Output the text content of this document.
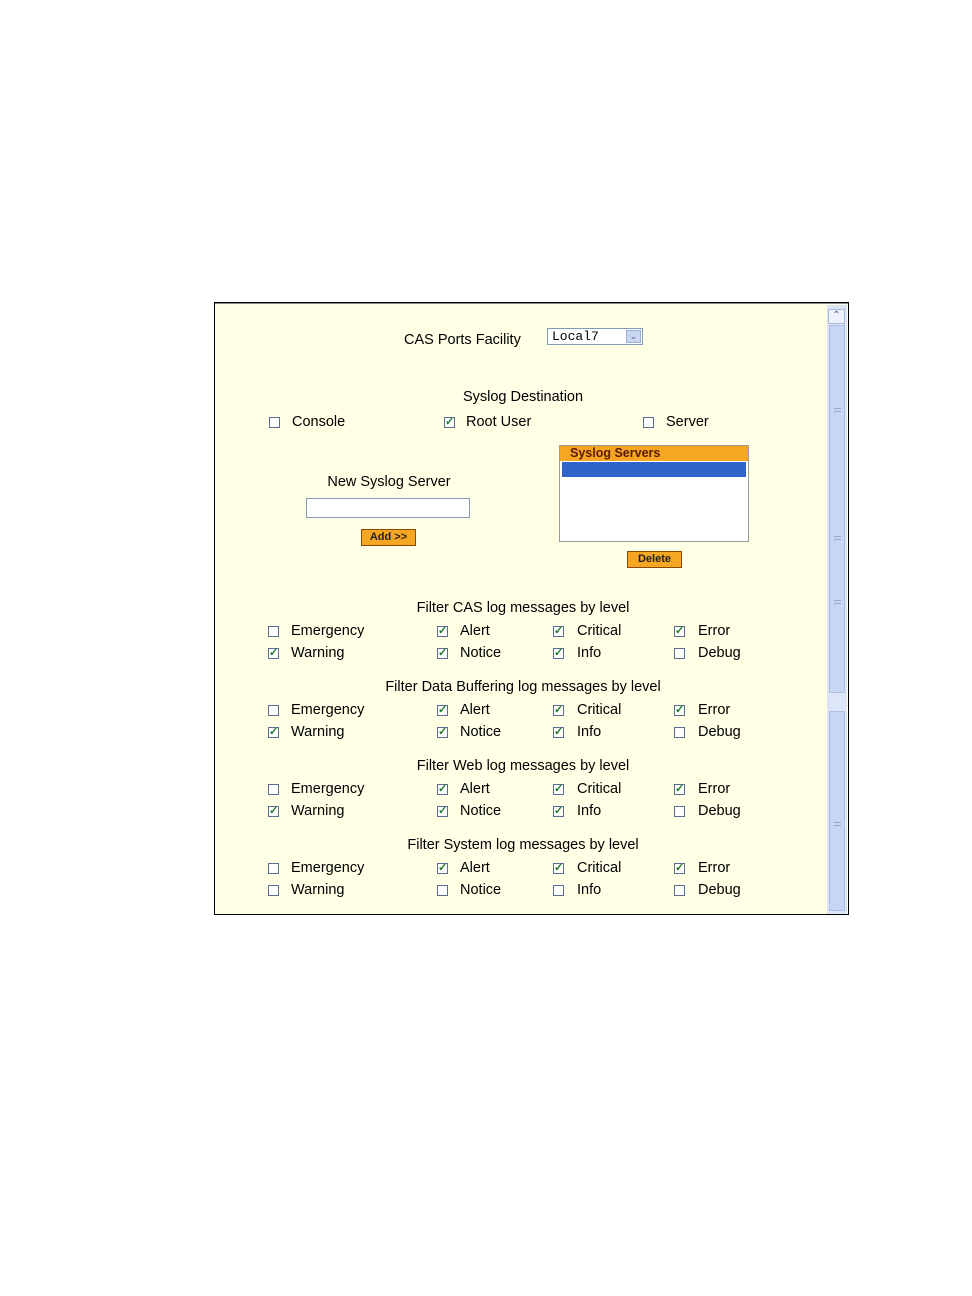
CAS Ports Facility Local7	⌄
Syslog Destination
Console ✓	Root User	Server
New Syslog Server
Add >>
Syslog Servers
Delete
Filter CAS log messages by level
Emergency ✓	Alert ✓	Critical ✓	Error
✓
Warning ✓	Notice ✓	Info	Debug
Filter Data Buffering log messages by level
Emergency ✓	Alert ✓	Critical ✓	Error
✓
Warning ✓	Notice ✓	Info	Debug
Filter Web log messages by level
Emergency ✓	Alert ✓	Critical ✓	Error
✓
Warning ✓	Notice ✓	Info	Debug
Filter System log messages by level
Emergency ✓	Alert ✓	Critical ✓	Error
Warning	Notice	Info	Debug
⌃
